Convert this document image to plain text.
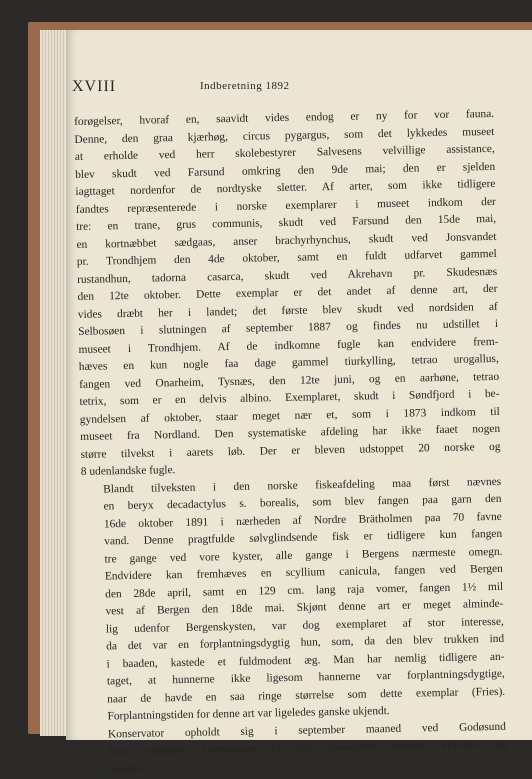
XVIII	Indberetning 1892

forøgelser, hvoraf en, saavidt vides endog er ny for vor fauna.
Denne, den graa kjærhøg, circus pygargus, som det lykkedes museet
at erholde ved herr skolebestyrer Salvesens velvillige assistance,
blev skudt ved Farsund omkring den 9de mai; den er sjelden
iagttaget nordenfor de nordtyske sletter. Af arter, som ikke tidligere
fandtes repræsenterede i norske exemplarer i museet indkom der
tre: en trane, grus communis, skudt ved Farsund den 15de mai,
en kortnæbbet sædgaas, anser brachyrhynchus, skudt ved Jonsvandet
pr. Trondhjem den 4de oktober, samt en fuldt udfarvet gammel
rustandhun, tadorna casarca, skudt ved Akrehavn pr. Skudesnæs
den 12te oktober. Dette exemplar er det andet af denne art, der
vides dræbt her i landet; det første blev skudt ved nordsiden af
Selbosøen i slutningen af september 1887 og findes nu udstillet i
museet i Trondhjem. Af de indkomne fugle kan endvidere frem-
hæves en kun nogle faa dage gammel tiurkylling, tetrao urogallus,
fangen ved Onarheim, Tysnæs, den 12te juni, og en aarhøne, tetrao
tetrix, som er en delvis albino. Exemplaret, skudt i Søndfjord i be-
gyndelsen af oktober, staar meget nær et, som i 1873 indkom til
museet fra Nordland. Den systematiske afdeling har ikke faaet nogen
større tilvekst i aarets løb. Der er bleven udstoppet 20 norske og
8 udenlandske fugle.

Blandt tilveksten i den norske fiskeafdeling maa først nævnes
en beryx decadactylus s. borealis, som blev fangen paa garn den
16de oktober 1891 i nærheden af Nordre Brätholmen paa 70 favne
vand. Denne pragtfulde sølvglindsende fisk er tidligere kun fangen
tre gange ved vore kyster, alle gange i Bergens nærmeste omegn.
Endvidere kan fremhæves en scyllium canicula, fangen ved Bergen
den 28de april, samt en 129 cm. lang raja vomer, fangen 1½ mil
vest af Bergen den 18de mai. Skjønt denne art er meget alminde-
lig udenfor Bergenskysten, var dog exemplaret af stor interesse,
da det var en forplantningsdygtig hun, som, da den blev trukken ind
i baaden, kastede et fuldmodent æg. Man har nemlig tidligere an-
taget, at hunnerne ikke ligesom hannerne var forplantningsdygtige,
naar de havde en saa ringe størrelse som dette exemplar (Fries).
Forplantningstiden for denne art var ligeledes ganske ukjendt.

Konservator opholdt sig i september maaned ved Godøsund
forat indsamle evertebrater til den biologiske stations akvarier og
museet.
